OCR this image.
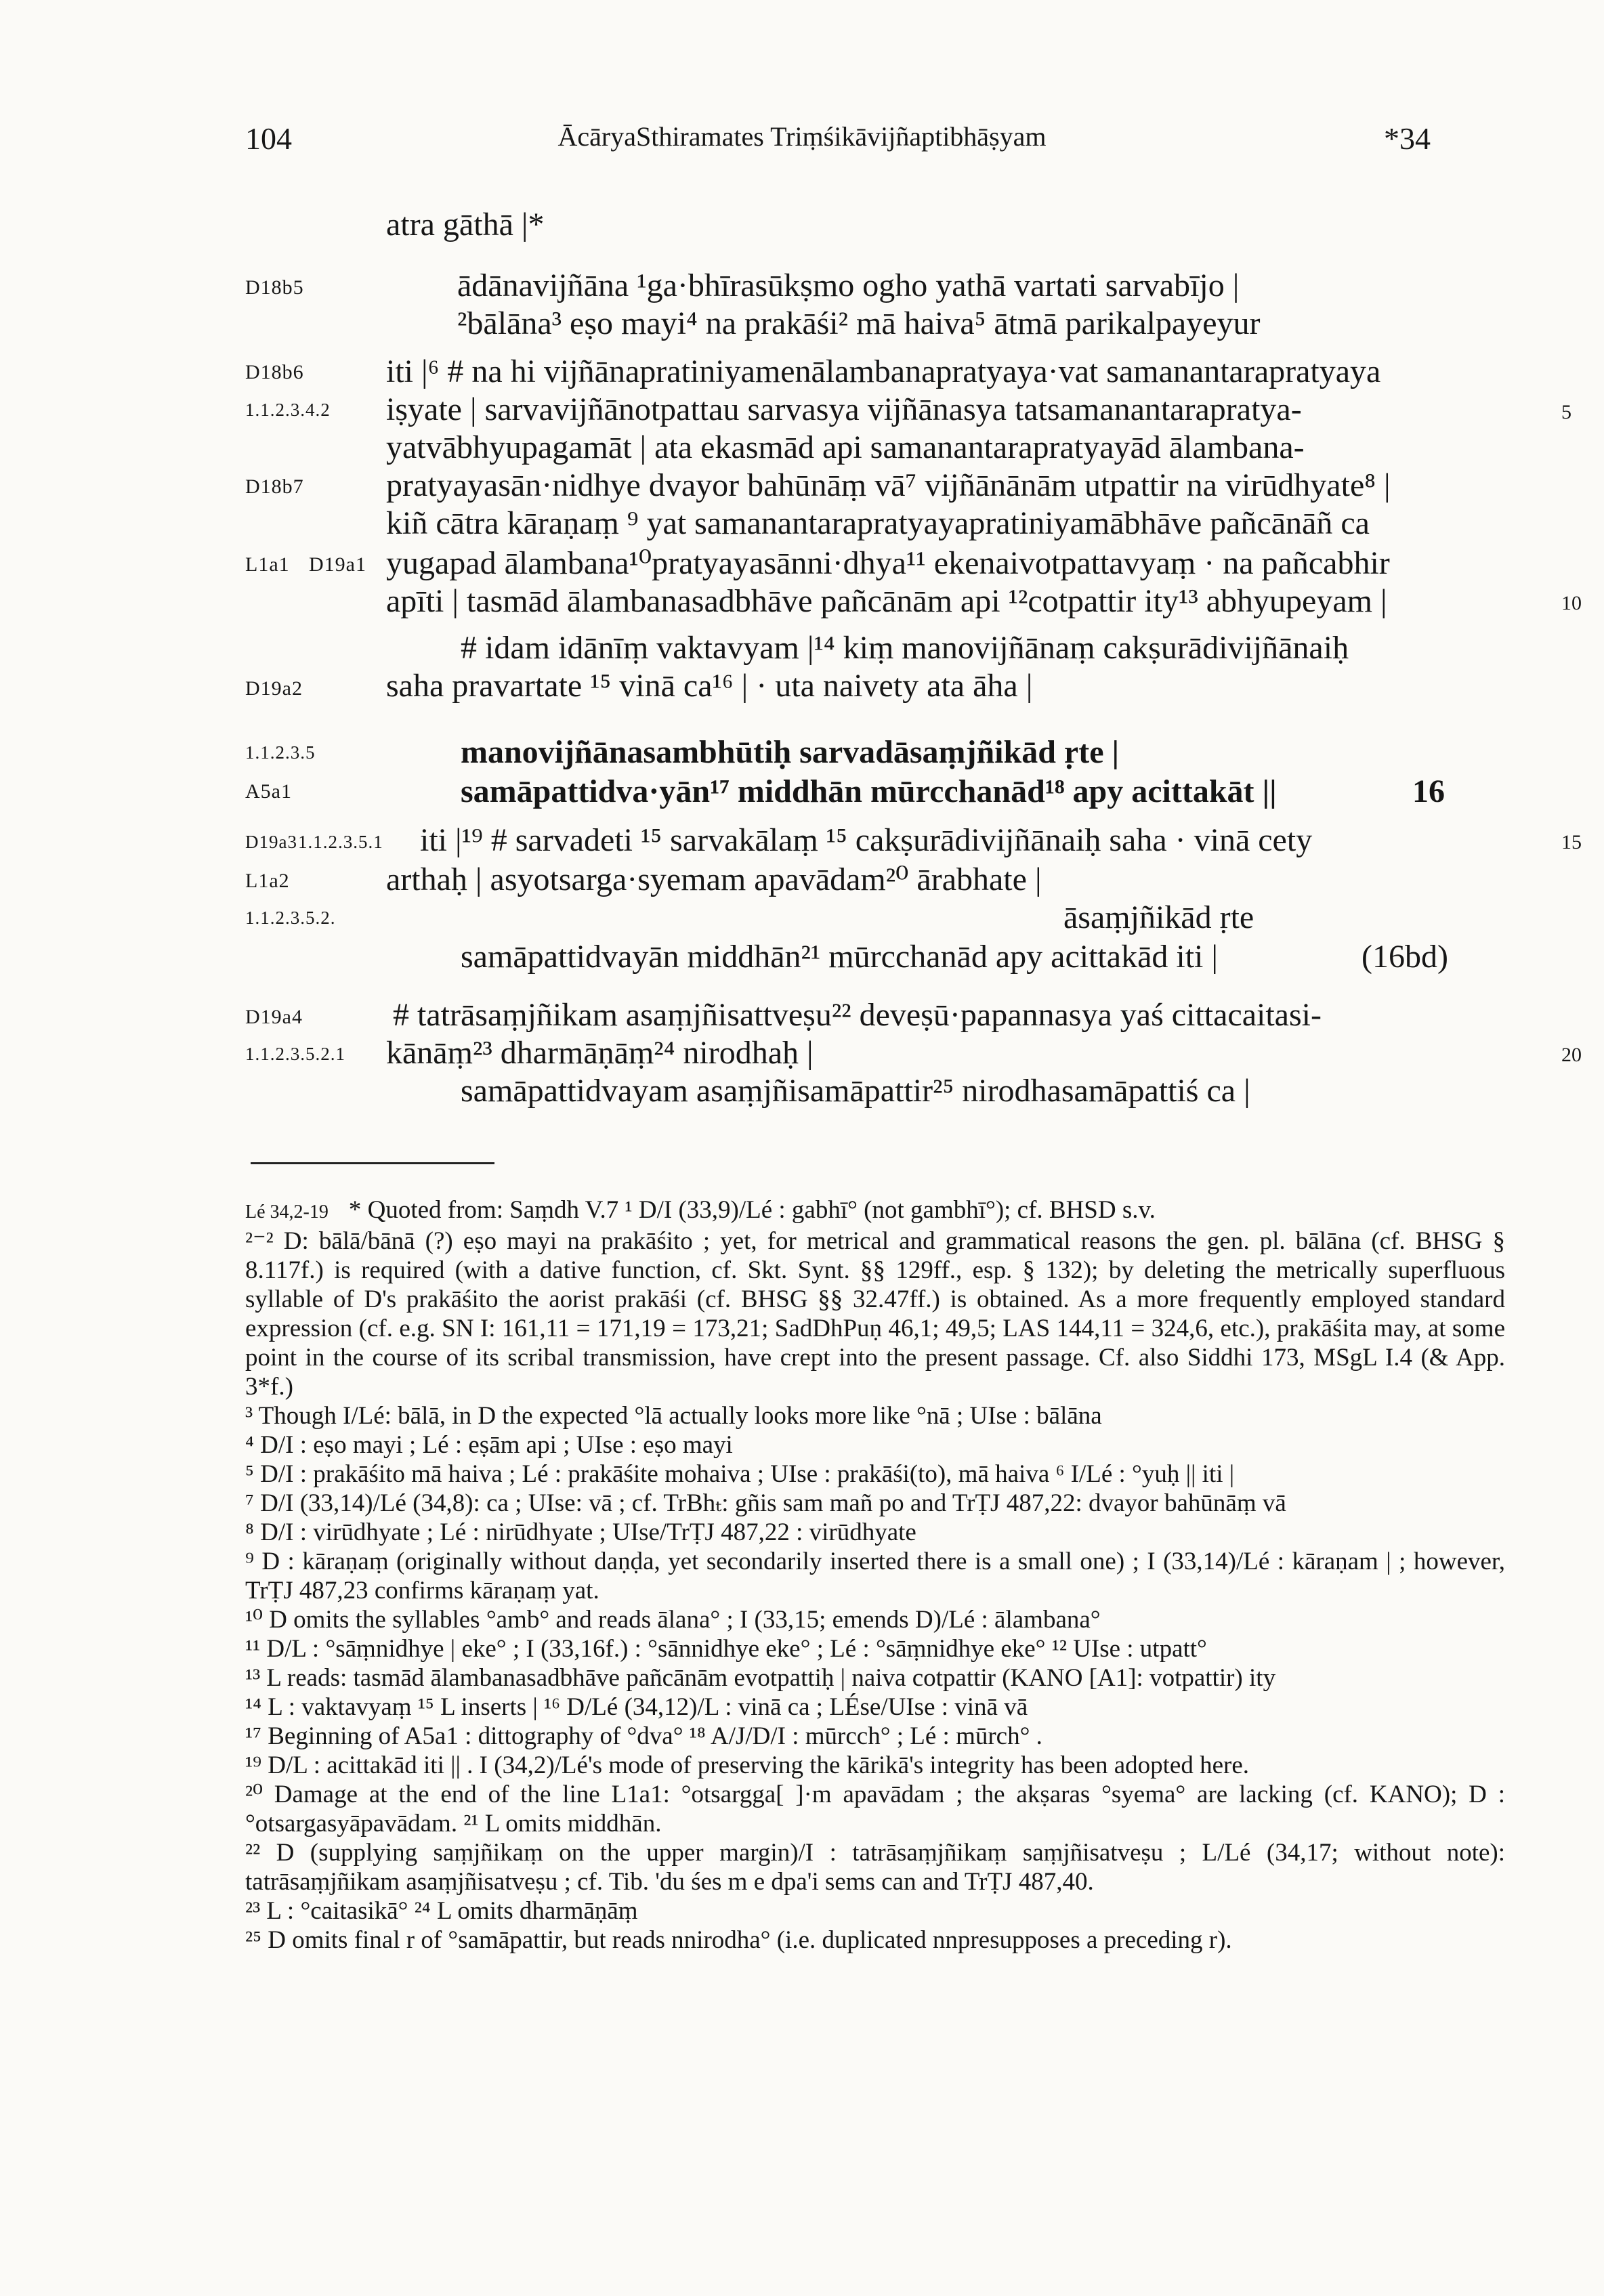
104	ĀcāryaSthiramates Triṃśikāvijñaptibhāṣyam	*34
atra gāthā |*
ādānavijñāna ¹ga·bhīrasūkṣmo ogho yathā vartati sarvabījo |
²bālāna³ eṣo mayi⁴ na prakāśi² mā haiva⁵ ātmā parikalpayeyur
iti |⁶ # na hi vijñānapratiniyamenālambanapratyaya·vat samanantarapratyaya
iṣyate | sarvavijñānotpattau sarvasya vijñānasya tatsamanantarapratya-
yatvābhyupagamāt | ata ekasmād api samanantarapratyayād ālambana-
pratyayasān·nidhye dvayor bahūnāṃ vā⁷ vijñānānām utpattir na virūdhyate⁸ |
kiñ cātra kāraṇaṃ ⁹ yat samanantarapratyayapratiniyamābhāve pañcānāñ ca
yugapad ālambana¹⁰pratyayasānni·dhya¹¹ ekenaivotpattavyaṃ · na pañcabhir
apīti | tasmād ālambanasadbhāve pañcānām api ¹²cotpattir ity¹³ abhyupeyam |
# idam idānīṃ vaktavyam |¹⁴ kiṃ manovijñānaṃ cakṣurādivijñānaiḥ
saha pravartate ¹⁵ vinā ca¹⁶ | · uta naivety ata āha |
manovijñānasambhūtiḥ sarvadāsaṃjñikād ṛte |
samāpattidva·yān¹⁷ middhān mūrcchanād¹⁸ apy acittakāt ||	16
iti |¹⁹ # sarvadeti ¹⁵ sarvakālaṃ ¹⁵ cakṣurādivijñānaiḥ saha · vinā cety
arthaḥ | asyotsarga·syemam apavādam²⁰ ārabhate |
āsaṃjñikād ṛte
samāpattidvayān middhān²¹ mūrcchanād apy acittakād iti |	(16bd)
# tatrāsaṃjñikam asaṃjñisattveṣu²² deveṣū·papannasya yaś cittacaitasi-
kānāṃ²³ dharmāṇāṃ²⁴ nirodhaḥ |
samāpattidvayam asaṃjñisamāpattir²⁵ nirodhasamāpattiś ca |
D18b5
D18b6
1.1.2.3.4.2
D18b7
L1a1 D19a1
D19a2
1.1.2.3.5
A5a1
D19a3 1.1.2.3.5.1
L1a2
1.1.2.3.5.2.
D19a4
1.1.2.3.5.2.1
5
10
15
20

Lé 34,2-19 * Quoted from: Saṃdh V.7 ¹ D/I (33,9)/Lé : gabhī° (not gambhī°); cf. BHSD s.v.

²⁻² D: bālā/bānā (?) eṣo mayi na prakāśito ; yet, for metrical and grammatical reasons the gen. pl. bālāna (cf. BHSG § 8.117f.) is required (with a dative function, cf. Skt. Synt. §§ 129ff., esp. § 132); by deleting the metrically superfluous syllable of D's prakāśito the aorist prakāśi (cf. BHSG §§ 32.47ff.) is obtained. As a more frequently employed standard expression (cf. e.g. SN I: 161,11 = 171,19 = 173,21; SadDhPuṇ 46,1; 49,5; LAS 144,11 = 324,6, etc.), prakāśita may, at some point in the course of its scribal transmission, have crept into the present passage. Cf. also Siddhi 173, MSgL I.4 (& App. 3*f.)

³ Though I/Lé: bālā, in D the expected °lā actually looks more like °nā ; UIse : bālāna

⁴ D/I : eṣo mayi ; Lé : eṣām api ; UIse : eṣo mayi

⁵ D/I : prakāśito mā haiva ; Lé : prakāśite mohaiva ; UIse : prakāśi(to), mā haiva ⁶ I/Lé : °yuḥ || iti |

⁷ D/I (33,14)/Lé (34,8): ca ; UIse: vā ; cf. TrBhₜ: gñis sam mañ po and TrṬJ 487,22: dvayor bahūnāṃ vā

⁸ D/I : virūdhyate ; Lé : nirūdhyate ; UIse/TrṬJ 487,22 : virūdhyate

⁹ D : kāraṇaṃ (originally without daṇḍa, yet secondarily inserted there is a small one) ; I (33,14)/Lé : kāraṇam | ; however, TrṬJ 487,23 confirms kāraṇaṃ yat.

¹⁰ D omits the syllables °amb° and reads ālana° ; I (33,15; emends D)/Lé : ālambana°

¹¹ D/L : °sāṃnidhye | eke° ; I (33,16f.) : °sānnidhye eke° ; Lé : °sāṃnidhye eke° ¹² UIse : utpatt°

¹³ L reads: tasmād ālambanasadbhāve pañcānām evotpattiḥ | naiva cotpattir (KANO [A1]: votpattir) ity

¹⁴ L : vaktavyaṃ ¹⁵ L inserts | ¹⁶ D/Lé (34,12)/L : vinā ca ; LÉse/UIse : vinā vā

¹⁷ Beginning of A5a1 : dittography of °dva° ¹⁸ A/J/D/I : mūrcch° ; Lé : mūrch° .

¹⁹ D/L : acittakād iti || . I (34,2)/Lé's mode of preserving the kārikā's integrity has been adopted here.

²⁰ Damage at the end of the line L1a1: °otsargga[ ]·m apavādam ; the akṣaras °syema° are lacking (cf. KANO); D : °otsargasyāpavādam. ²¹ L omits middhān.

²² D (supplying saṃjñikaṃ on the upper margin)/I : tatrāsaṃjñikaṃ saṃjñisatveṣu ; L/Lé (34,17; without note): tatrāsaṃjñikam asaṃjñisatveṣu ; cf. Tib. 'du śes m e dpa'i sems can and TrṬJ 487,40.

²³ L : °caitasikā° ²⁴ L omits dharmāṇāṃ

²⁵ D omits final r of °samāpattir, but reads nnirodha° (i.e. duplicated nnpresupposes a preceding r).
